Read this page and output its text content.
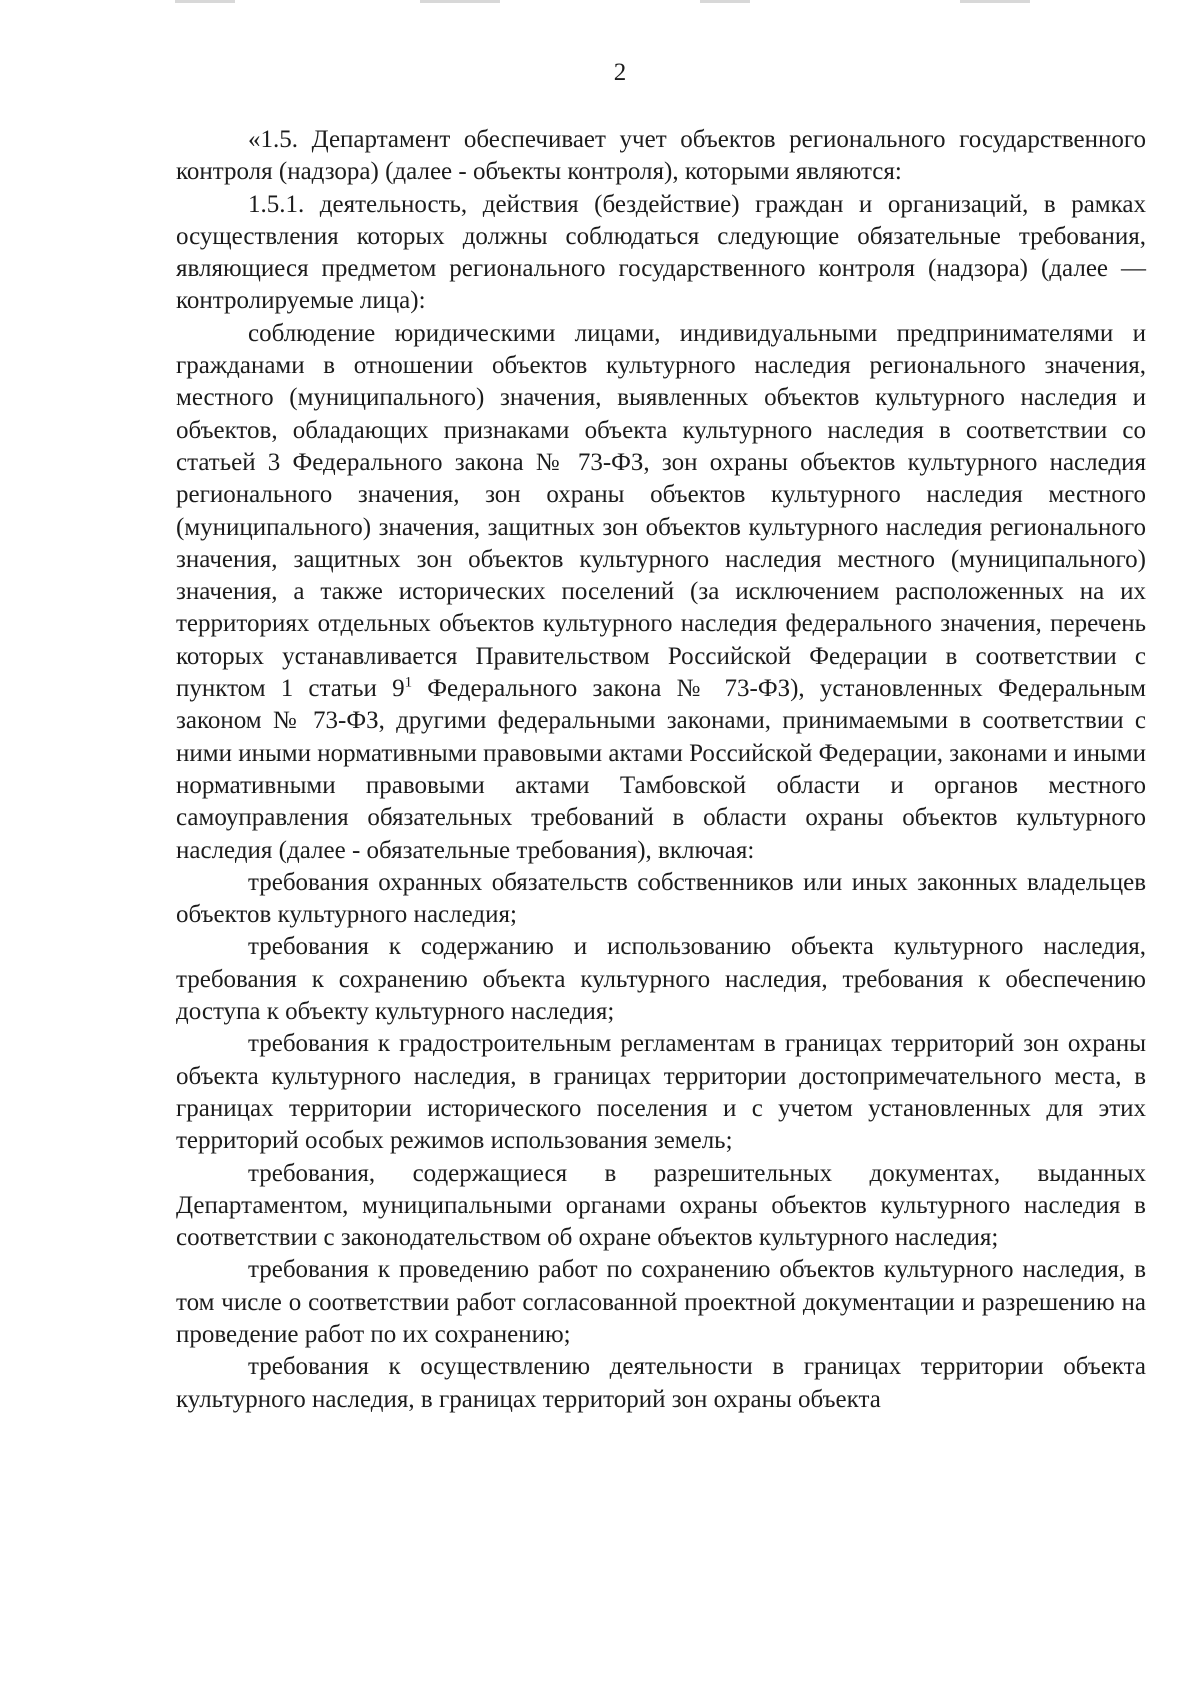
2

«1.5. Департамент обеспечивает учет объектов регионального государственного контроля (надзора) (далее - объекты контроля), которыми являются:

1.5.1. деятельность, действия (бездействие) граждан и организаций, в рамках осуществления которых должны соблюдаться следующие обязательные требования, являющиеся предметом регионального государственного контроля (надзора) (далее — контролируемые лица):

соблюдение юридическими лицами, индивидуальными предпринимателями и гражданами в отношении объектов культурного наследия регионального значения, местного (муниципального) значения, выявленных объектов культурного наследия и объектов, обладающих признаками объекта культурного наследия в соответствии со статьей 3 Федерального закона № 73-ФЗ, зон охраны объектов культурного наследия регионального значения, зон охраны объектов культурного наследия местного (муниципального) значения, защитных зон объектов культурного наследия регионального значения, защитных зон объектов культурного наследия местного (муниципального) значения, а также исторических поселений (за исключением расположенных на их территориях отдельных объектов культурного наследия федерального значения, перечень которых устанавливается Правительством Российской Федерации в соответствии с пунктом 1 статьи $9^1$ Федерального закона № 73-ФЗ), установленных Федеральным законом № 73-ФЗ, другими федеральными законами, принимаемыми в соответствии с ними иными нормативными правовыми актами Российской Федерации, законами и иными нормативными правовыми актами Тамбовской области и органов местного самоуправления обязательных требований в области охраны объектов культурного наследия (далее - обязательные требования), включая:

требования охранных обязательств собственников или иных законных владельцев объектов культурного наследия;

требования к содержанию и использованию объекта культурного наследия, требования к сохранению объекта культурного наследия, требования к обеспечению доступа к объекту культурного наследия;

требования к градостроительным регламентам в границах территорий зон охраны объекта культурного наследия, в границах территории достопримечательного места, в границах территории исторического поселения и с учетом установленных для этих территорий особых режимов использования земель;

требования, содержащиеся в разрешительных документах, выданных Департаментом, муниципальными органами охраны объектов культурного наследия в соответствии с законодательством об охране объектов культурного наследия;

требования к проведению работ по сохранению объектов культурного наследия, в том числе о соответствии работ согласованной проектной документации и разрешению на проведение работ по их сохранению;

требования к осуществлению деятельности в границах территории объекта культурного наследия, в границах территорий зон охраны объекта
